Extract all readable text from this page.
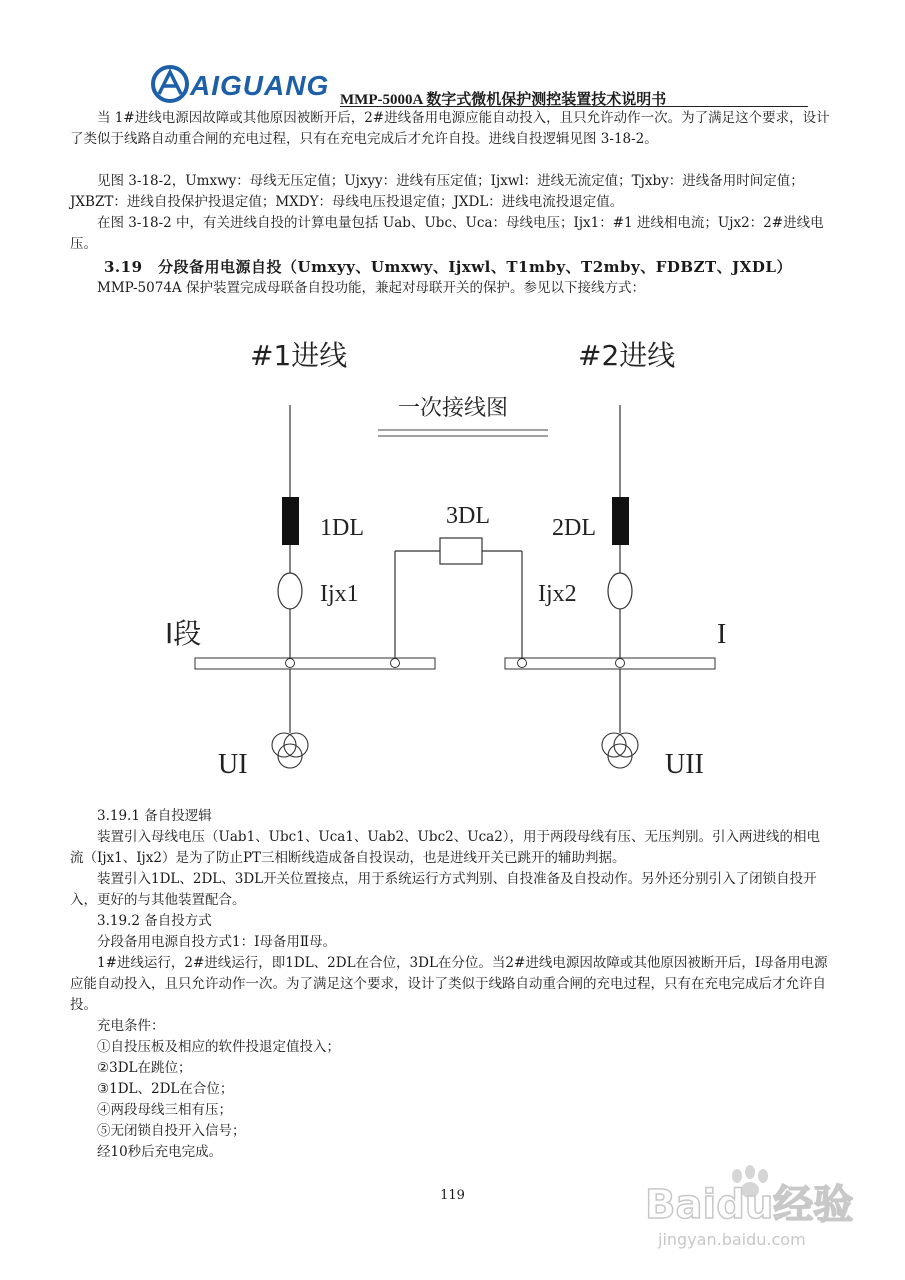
AIGUANG MMP-5000A 数字式微机保护测控装置技术说明书
当 1#进线电源因故障或其他原因被断开后，2#进线备用电源应能自动投入，且只允许动作一次。为了满足这个要求，设计了类似于线路自动重合闸的充电过程，只有在充电完成后才允许自投。进线自投逻辑见图 3-18-2。
见图 3-18-2，Umxwy：母线无压定值；Ujxyy：进线有压定值；Ijxwl：进线无流定值；Tjxby：进线备用时间定值；JXBZT：进线自投保护投退定值；MXDY：母线电压投退定值；JXDL：进线电流投退定值。
在图 3-18-2 中，有关进线自投的计算电量包括 Uab、Ubc、Uca：母线电压；Ijx1：#1 进线相电流；Ujx2：2#进线电压。
3.19　分段备用电源自投（Umxyy、Umxwy、Ijxwl、T1mby、T2mby、FDBZT、JXDL）
MMP-5074A 保护装置完成母联备自投功能，兼起对母联开关的保护。参见以下接线方式：
#1进线	#2进线
一次接线图
1DL	2DL
3DL
Ijx1	Ijx2
I段	I
UI	UII
3.19.1 备自投逻辑
装置引入母线电压（Uab1、Ubc1、Uca1、Uab2、Ubc2、Uca2），用于两段母线有压、无压判别。引入两进线的相电流（Ijx1、Ijx2）是为了防止PT三相断线造成备自投误动，也是进线开关已跳开的辅助判据。
装置引入1DL、2DL、3DL开关位置接点，用于系统运行方式判别、自投准备及自投动作。另外还分别引入了闭锁自投开入，更好的与其他装置配合。
3.19.2 备自投方式
分段备用电源自投方式1：Ⅰ母备用Ⅱ母。
1#进线运行，2#进线运行，即1DL、2DL在合位，3DL在分位。当2#进线电源因故障或其他原因被断开后，Ⅰ母备用电源应能自动投入，且只允许动作一次。为了满足这个要求，设计了类似于线路自动重合闸的充电过程，只有在充电完成后才允许自投。
充电条件：
①自投压板及相应的软件投退定值投入；
②3DL在跳位；
③1DL、2DL在合位；
④两段母线三相有压；
⑤无闭锁自投开入信号；
经10秒后充电完成。
119	Baidu经验
jingyan.baidu.com
